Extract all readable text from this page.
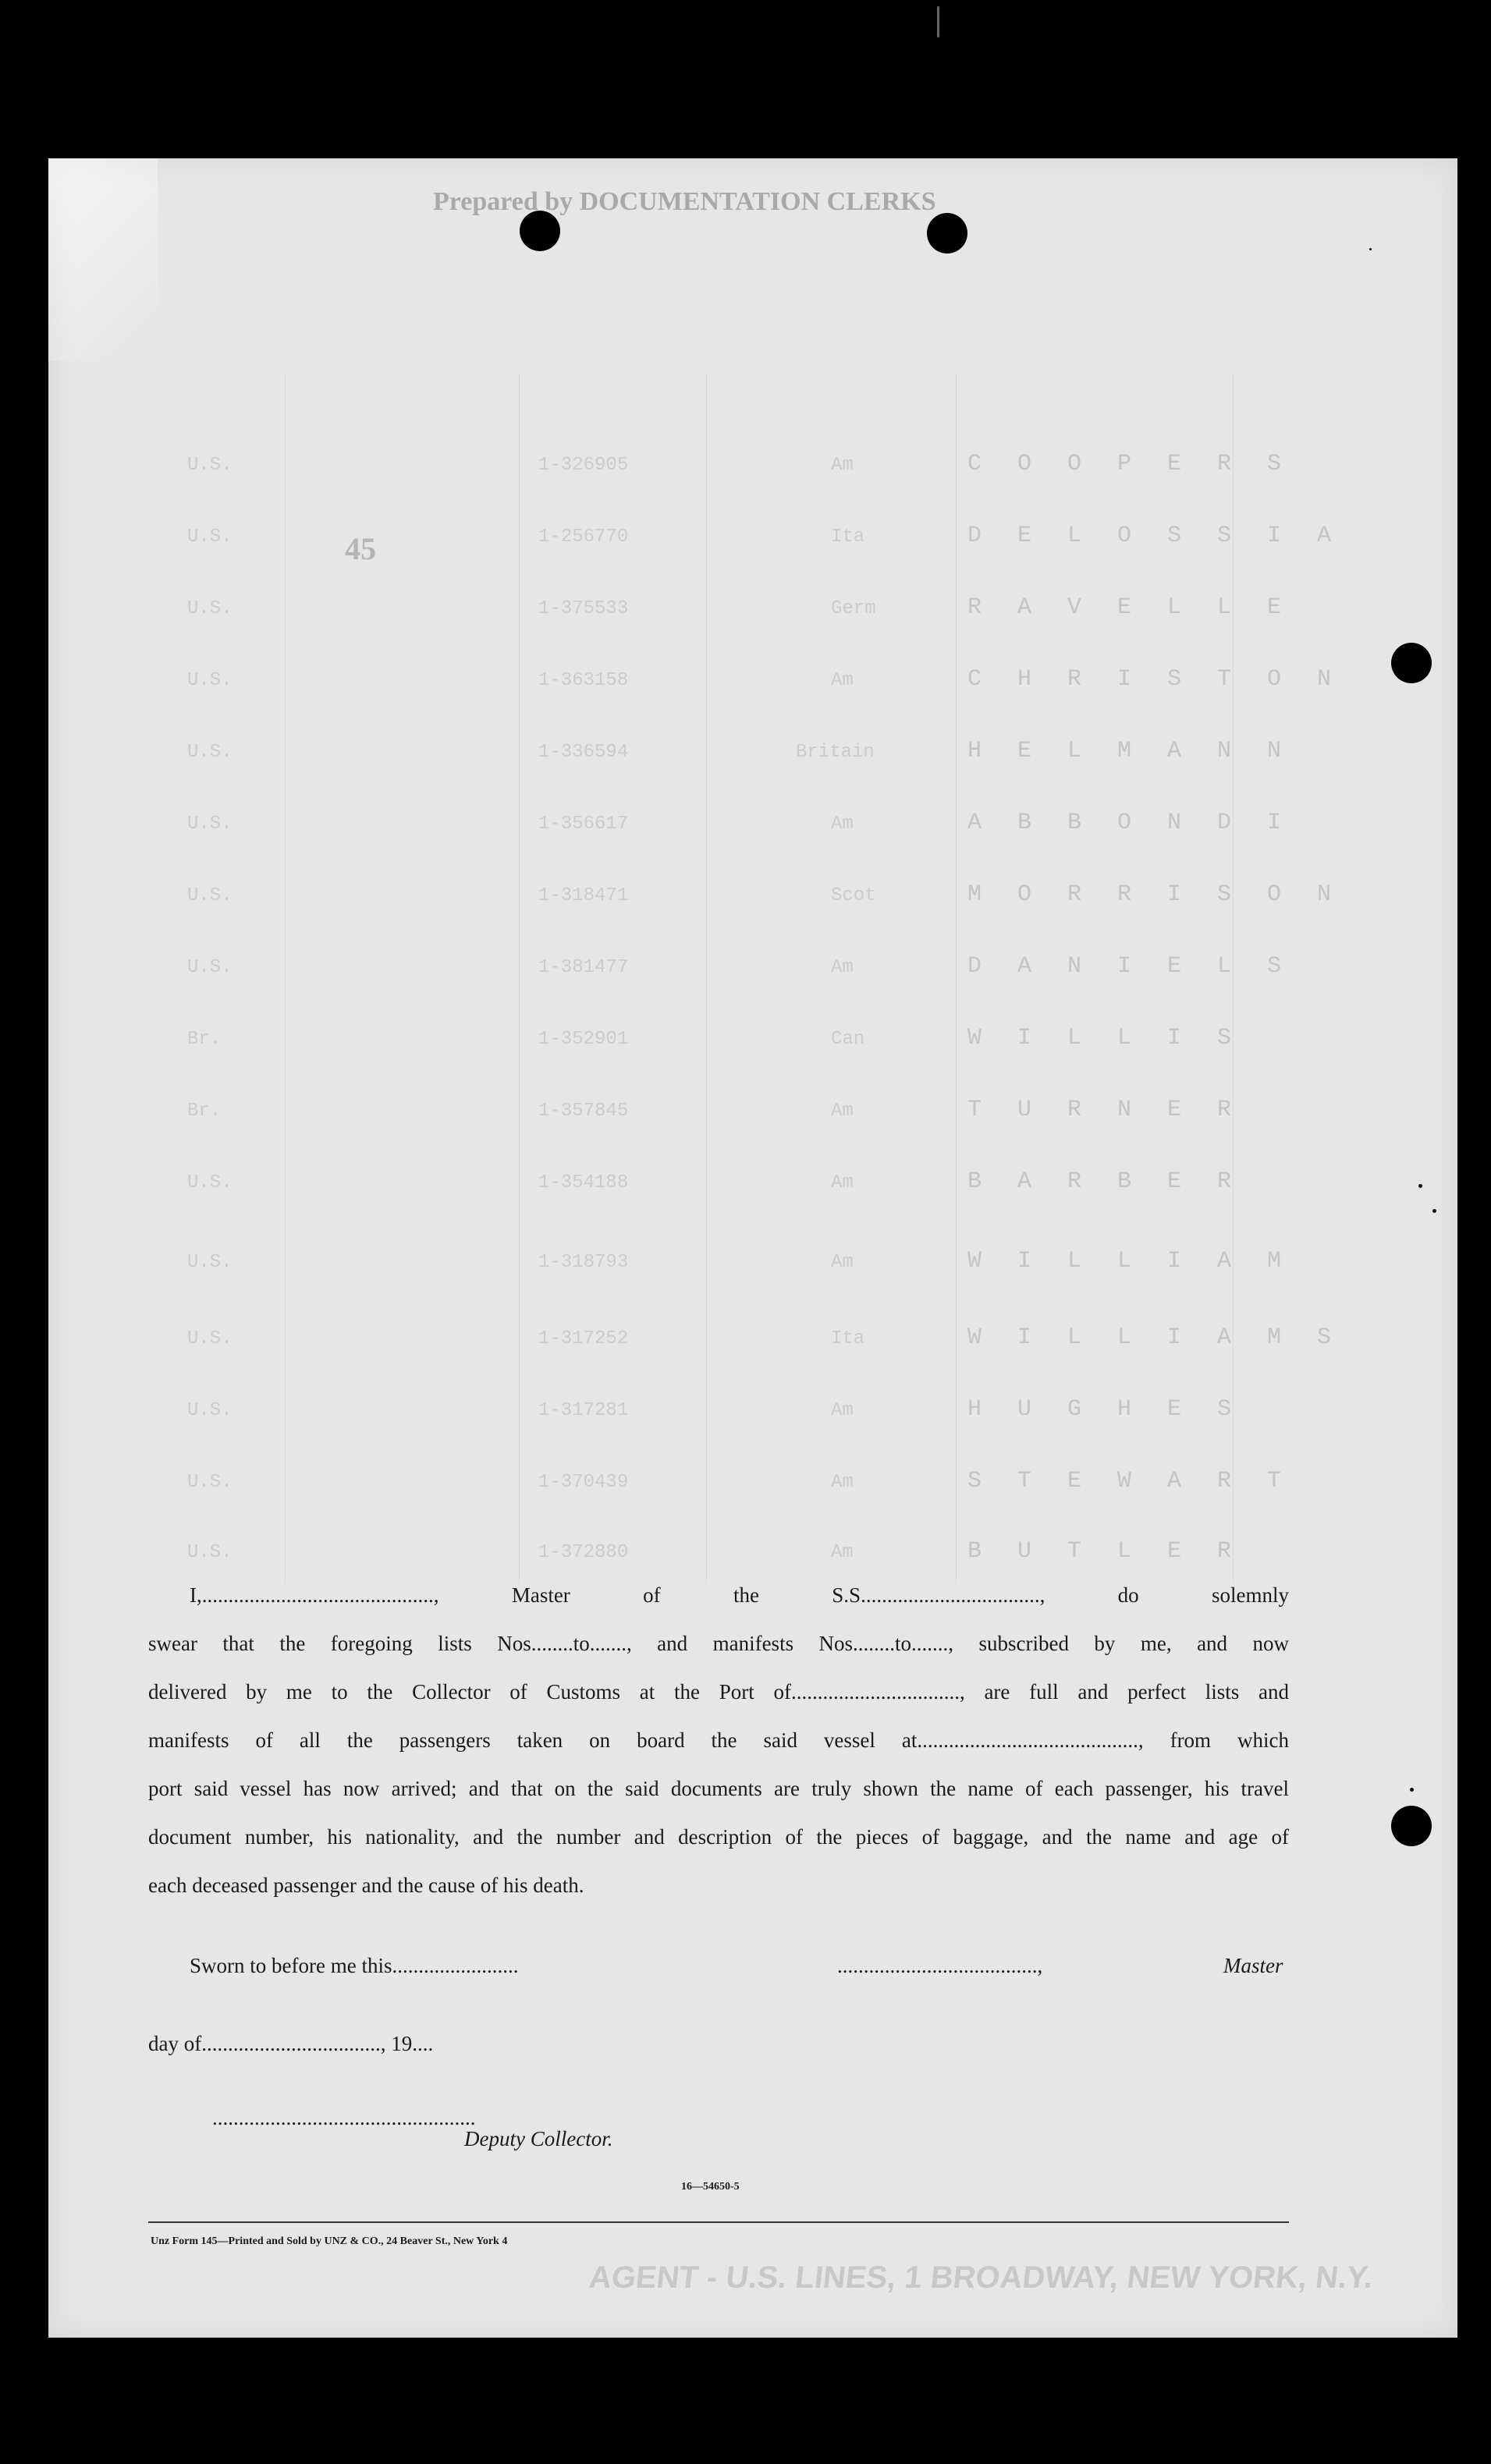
Prepared by DOCUMENTATION CLERKS
45
C O O P E R S
Am
1-326905
U.S.
D E L O S S I A
Ita
1-256770
U.S.
R A V E L L E
Germ
1-375533
U.S.
C H R I S T O N
Am
1-363158
U.S.
H E L M A N N
Britain
1-336594
U.S.
A B B O N D I
Am
1-356617
U.S.
M O R R I S O N
Scot
1-318471
U.S.
D A N I E L S
Am
1-381477
U.S.
W I L L I S
Can
1-352901
Br.
T U R N E R
Am
1-357845
Br.
B A R B E R
Am
1-354188
U.S.
W I L L I A M
Am
1-318793
U.S.
W I L L I A M S
Ita
1-317252
U.S.
H U G H E S
Am
1-317281
U.S.
S T E W A R T
Am
1-370439
U.S.
B U T L E R
Am
1-372880
U.S.
I,............................................, Master of the S.S.................................., do solemnly
swear that the foregoing lists Nos........to......., and manifests Nos........to......., subscribed by me, and now
delivered by me to the Collector of Customs at the Port of................................, are full and perfect lists and
manifests of all the passengers taken on board the said vessel at.........................................., from which
port said vessel has now arrived; and that on the said documents are truly shown the name of each passenger, his travel
document number, his nationality, and the number and description of the pieces of baggage, and the name and age of
each deceased passenger and the cause of his death.
Sworn to before me this........................	......................................,	Master
day of.................................., 19....
..................................................
Deputy Collector.
16—54650-5
Unz Form 145—Printed and Sold by UNZ & CO., 24 Beaver St., New York 4
AGENT - U.S. LINES, 1 BROADWAY, NEW YORK, N.Y.
